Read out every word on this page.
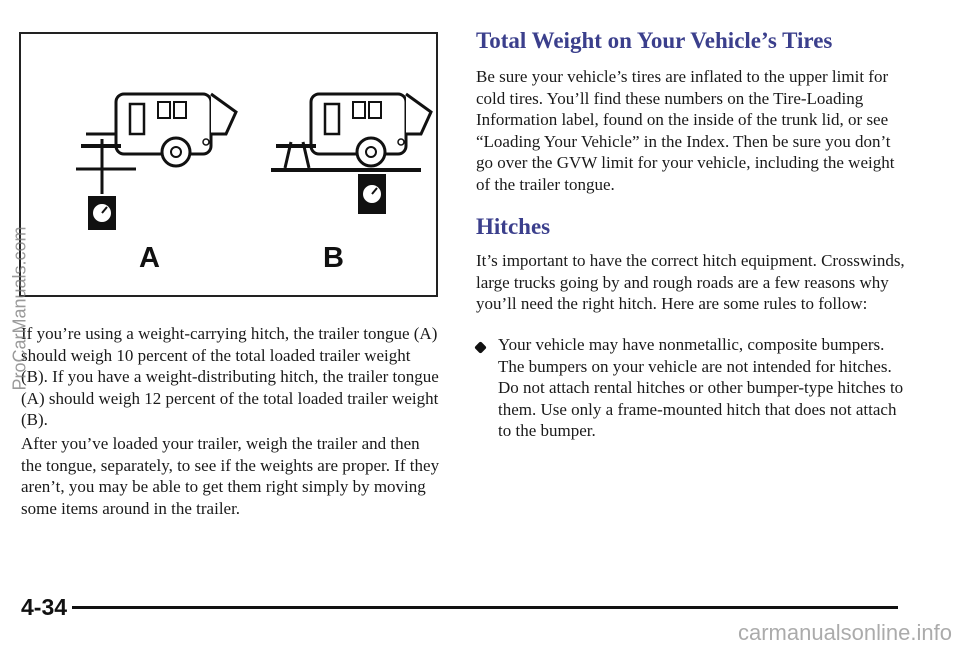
A	B
If you’re using a weight-carrying hitch, the trailer tongue (A) should weigh 10 percent of the total loaded trailer weight (B). If you have a weight-distributing hitch, the trailer tongue (A) should weigh 12 percent of the total loaded trailer weight (B).
After you’ve loaded your trailer, weigh the trailer and then the tongue, separately, to see if the weights are proper. If they aren’t, you may be able to get them right simply by moving some items around in the trailer.
Total Weight on Your Vehicle’s Tires
Be sure your vehicle’s tires are inflated to the upper limit for cold tires. You’ll find these numbers on the Tire-Loading Information label, found on the inside of the trunk lid, or see “Loading Your Vehicle” in the Index. Then be sure you don’t go over the GVW limit for your vehicle, including the weight of the trailer tongue.
Hitches
It’s important to have the correct hitch equipment. Crosswinds, large trucks going by and rough roads are a few reasons why you’ll need the right hitch. Here are some rules to follow:
Your vehicle may have nonmetallic, composite bumpers. The bumpers on your vehicle are not intended for hitches. Do not attach rental hitches or other bumper-type hitches to them. Use only a frame-mounted hitch that does not attach to the bumper.
4-34
ProCarManuals.com
carmanualsonline.info
